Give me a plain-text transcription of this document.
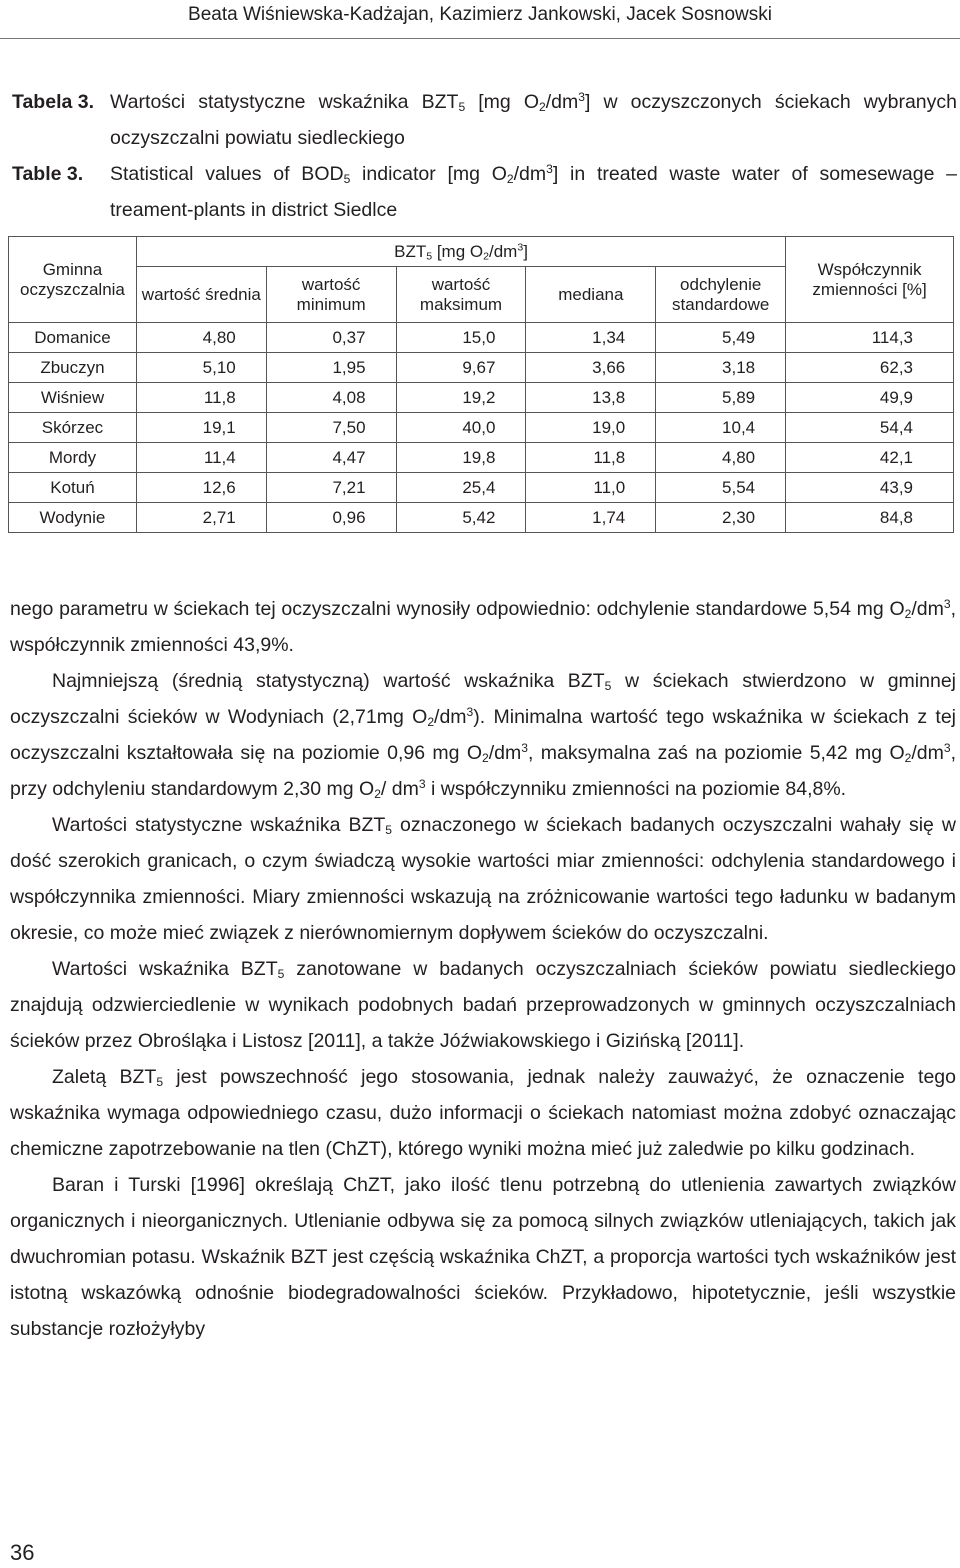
Beata Wiśniewska-Kadżajan, Kazimierz Jankowski, Jacek Sosnowski
Tabela 3. Wartości statystyczne wskaźnika $BZT_5$ [mg $O_2/dm^3$] w oczyszczonych ściekach wybranych oczyszczalni powiatu siedleckiego
Table 3. Statistical values of $BOD_5$ indicator [mg $O_2/dm^3$] in treated waste water of somesewage – treament-plants in district Siedlce
Gminna oczyszczalnia	$BZT_5$ [mg $O_2/dm^3$]					Współczynnik zmienności [%]
	wartość średnia	wartość minimum	wartość maksimum	mediana	odchylenie standardowe	
Domanice	4,80	0,37	15,0	1,34	5,49	114,3
Zbuczyn	5,10	1,95	9,67	3,66	3,18	62,3
Wiśniew	11,8	4,08	19,2	13,8	5,89	49,9
Skórzec	19,1	7,50	40,0	19,0	10,4	54,4
Mordy	11,4	4,47	19,8	11,8	4,80	42,1
Kotuń	12,6	7,21	25,4	11,0	5,54	43,9
Wodynie	2,71	0,96	5,42	1,74	2,30	84,8

nego parametru w ściekach tej oczyszczalni wynosiły odpowiednio: odchylenie standardowe 5,54 mg $O_2/dm^3$, współczynnik zmienności 43,9%.

Najmniejszą (średnią statystyczną) wartość wskaźnika $BZT_5$ w ściekach stwierdzono w gminnej oczyszczalni ścieków w Wodyniach (2,71mg $O_2/dm^3$). Minimalna wartość tego wskaźnika w ściekach z tej oczyszczalni kształtowała się na poziomie 0,96 mg $O_2/dm^3$, maksymalna zaś na poziomie 5,42 mg $O_2/dm^3$, przy odchyleniu standardowym 2,30 mg $O_2/$ $dm^3$ i współczynniku zmienności na poziomie 84,8%.

Wartości statystyczne wskaźnika $BZT_5$ oznaczonego w ściekach badanych oczyszczalni wahały się w dość szerokich granicach, o czym świadczą wysokie wartości miar zmienności: odchylenia standardowego i współczynnika zmienności. Miary zmienności wskazują na zróżnicowanie wartości tego ładunku w badanym okresie, co może mieć związek z nierównomiernym dopływem ścieków do oczyszczalni.

Wartości wskaźnika $BZT_5$ zanotowane w badanych oczyszczalniach ścieków powiatu siedleckiego znajdują odzwierciedlenie w wynikach podobnych badań przeprowadzonych w gminnych oczyszczalniach ścieków przez Obrośląka i Listosz [2011], a także Jóźwiakowskiego i Gizińską [2011].

Zaletą $BZT_5$ jest powszechność jego stosowania, jednak należy zauważyć, że oznaczenie tego wskaźnika wymaga odpowiedniego czasu, dużo informacji o ściekach natomiast można zdobyć oznaczając chemiczne zapotrzebowanie na tlen (ChZT), którego wyniki można mieć już zaledwie po kilku godzinach.

Baran i Turski [1996] określają ChZT, jako ilość tlenu potrzebną do utlenienia zawartych związków organicznych i nieorganicznych. Utlenianie odbywa się za pomocą silnych związków utleniających, takich jak dwuchromian potasu. Wskaźnik BZT jest częścią wskaźnika ChZT, a proporcja wartości tych wskaźników jest istotną wskazówką odnośnie biodegradowalności ścieków. Przykładowo, hipotetycznie, jeśli wszystkie substancje rozłożyłyby

36
